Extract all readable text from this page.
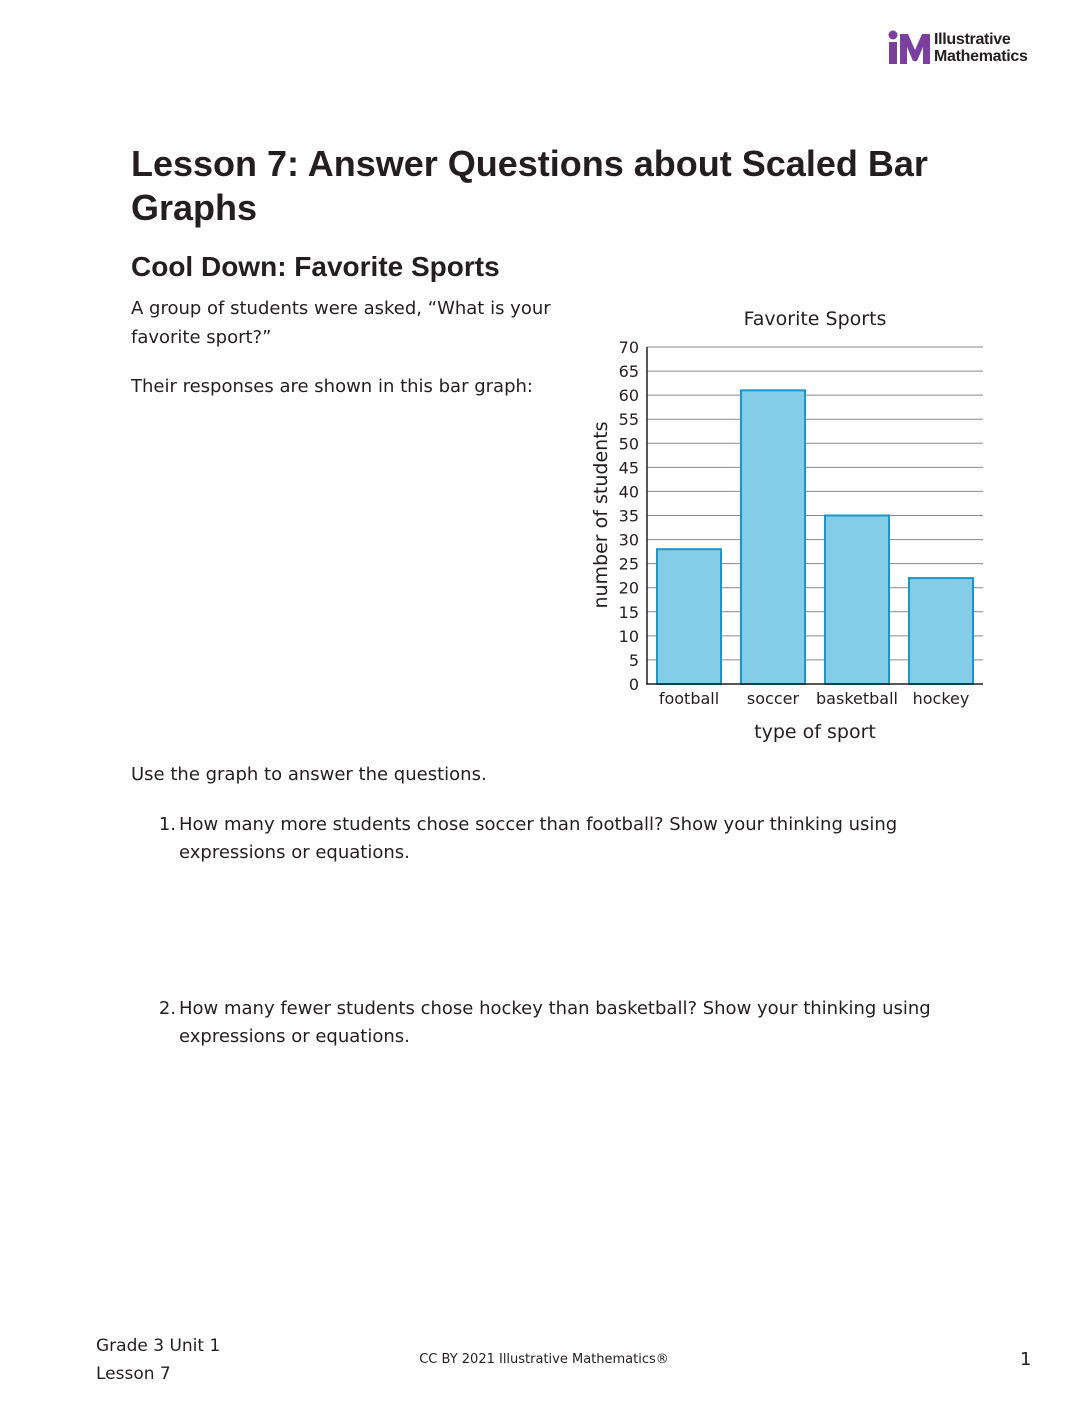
Illustrative
Mathematics
Lesson 7: Answer Questions about Scaled Bar Graphs
Cool Down: Favorite Sports

A group of students were asked, “What is your favorite sport?”

Their responses are shown in this bar graph:

Favorite Sports
number of students
type of sport
0
5
10
15
20
25
30
35
40
45
50
55
60
65
70
football soccer basketball hockey

Use the graph to answer the questions.

1. How many more students chose soccer than football? Show your thinking using expressions or equations.
2. How many fewer students chose hockey than basketball? Show your thinking using expressions or equations.
Grade 3 Unit 1
Lesson 7
CC BY 2021 Illustrative Mathematics®	1
